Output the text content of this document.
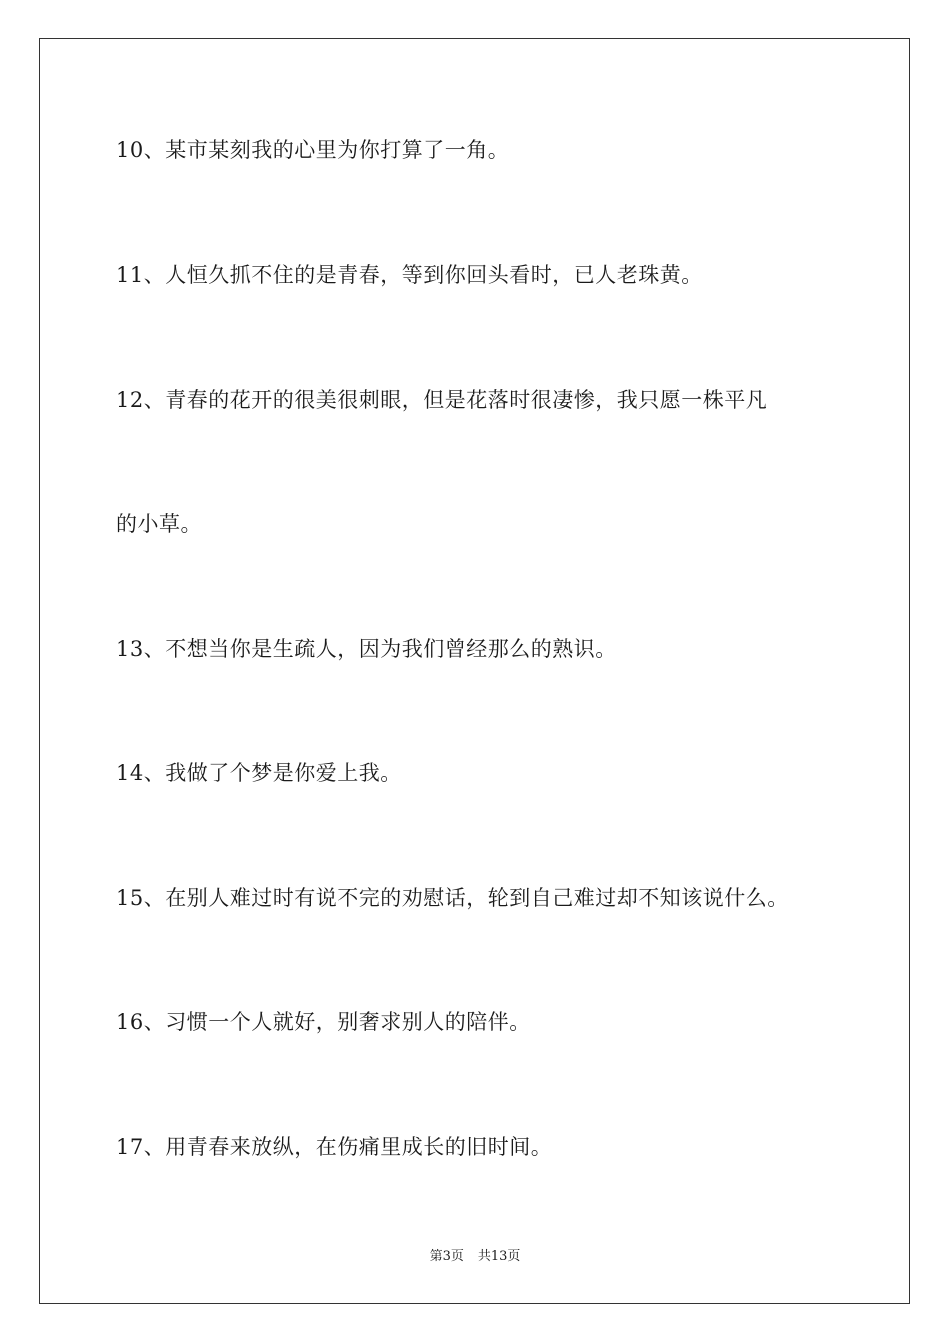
10、某市某刻我的心里为你打算了一角。
11、人恒久抓不住的是青春，等到你回头看时，已人老珠黄。
12、青春的花开的很美很刺眼，但是花落时很凄惨，我只愿一株平凡
的小草。
13、不想当你是生疏人，因为我们曾经那么的熟识。
14、我做了个梦是你爱上我。
15、在别人难过时有说不完的劝慰话，轮到自己难过却不知该说什么。
16、习惯一个人就好，别奢求别人的陪伴。
17、用青春来放纵，在伤痛里成长的旧时间。
第3页 共13页
